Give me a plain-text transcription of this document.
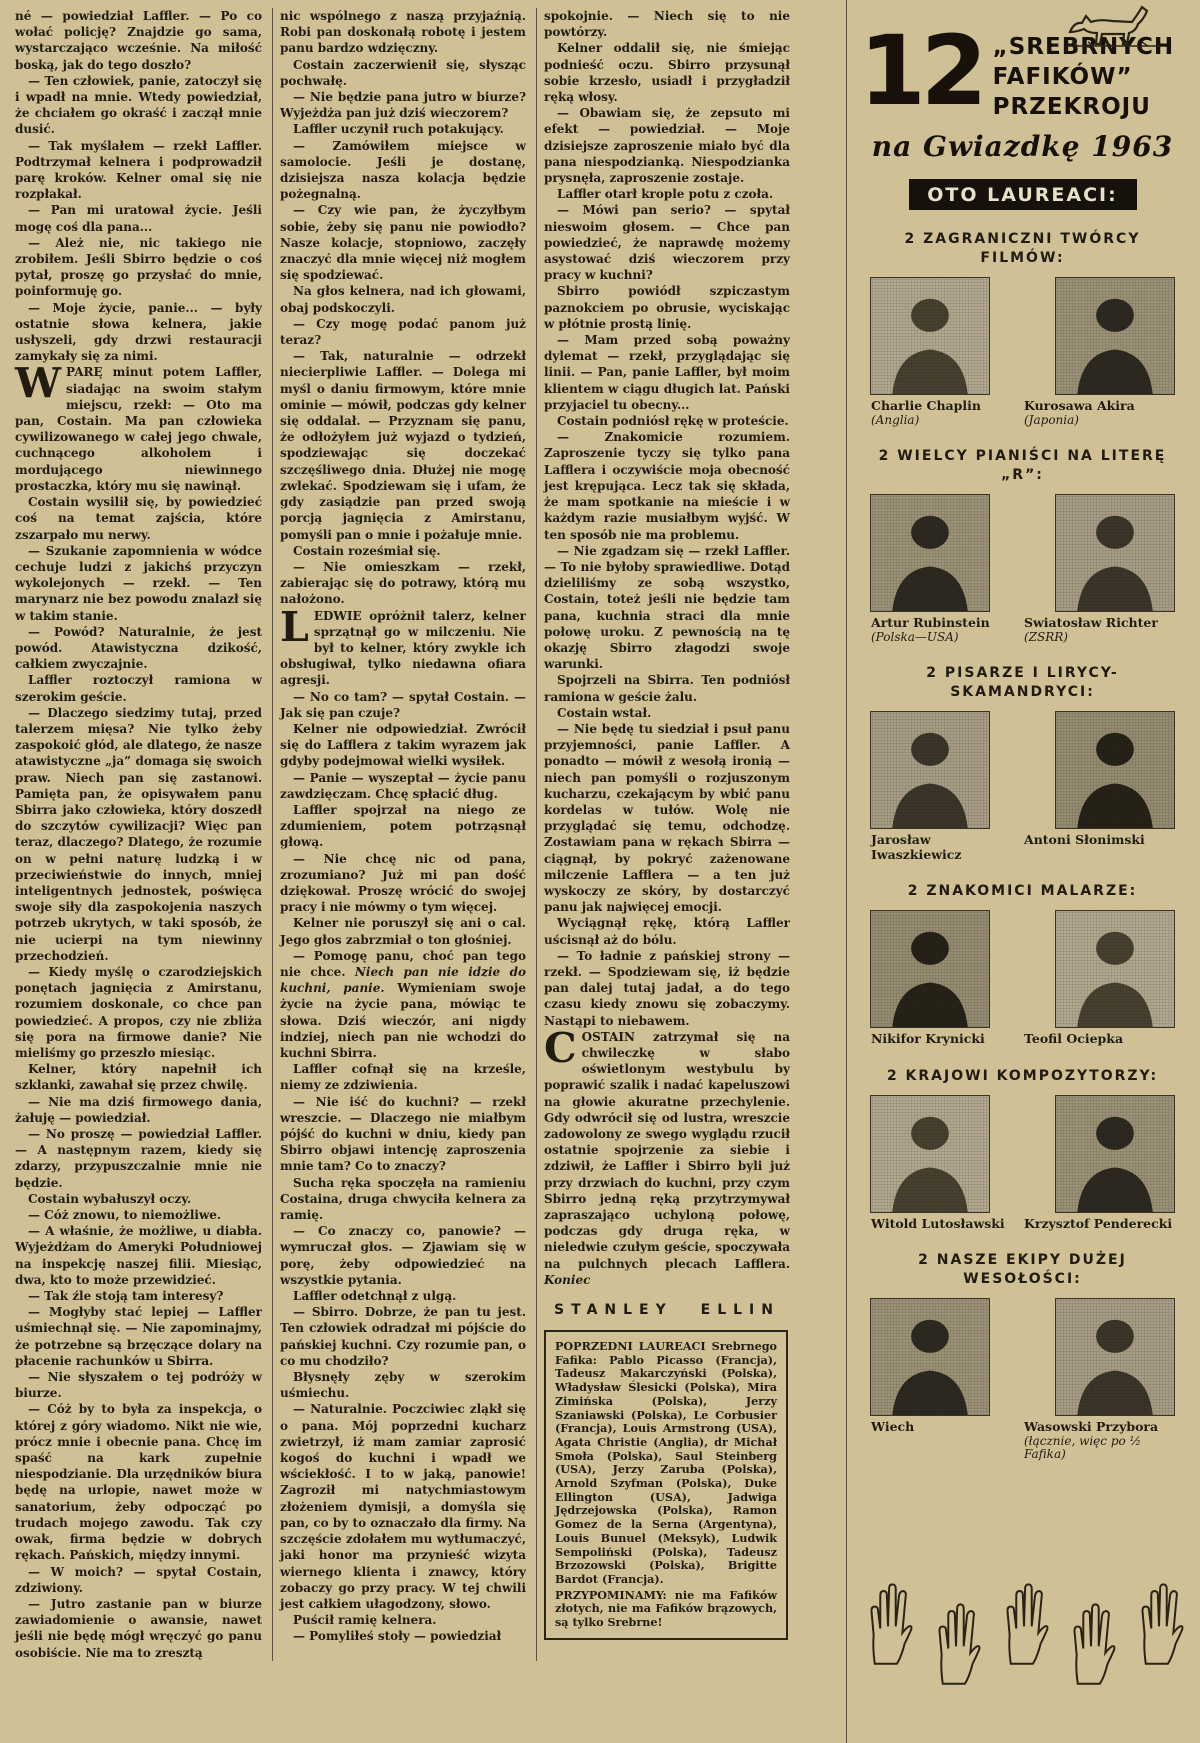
né — powiedział Laffler. — Po co wołać policję? Znajdzie go sama, wystarczająco wcześnie. Na miłość boską, jak do tego doszło?

— Ten człowiek, panie, zatoczył się i wpadł na mnie. Wtedy powiedział, że chciałem go okraść i zaczął mnie dusić.

— Tak myślałem — rzekł Laffler. Podtrzymał kelnera i podprowadził parę kroków. Kelner omal się nie rozpłakał.

— Pan mi uratował życie. Jeśli mogę coś dla pana...

— Ależ nie, nic takiego nie zrobiłem. Jeśli Sbirro będzie o coś pytał, proszę go przysłać do mnie, poinformuję go.

— Moje życie, panie... — były ostatnie słowa kelnera, jakie usłyszeli, gdy drzwi restauracji zamykały się za nimi.

W PARĘ minut potem Laffler, siadając na swoim stałym miejscu, rzekł: — Oto ma pan, Costain. Ma pan człowieka cywilizowanego w całej jego chwale, cuchnącego alkoholem i mordującego niewinnego prostaczka, który mu się nawinął.

Costain wysilił się, by powiedzieć coś na temat zajścia, które zszarpało mu nerwy.

— Szukanie zapomnienia w wódce cechuje ludzi z jakichś przyczyn wykolejonych — rzekł. — Ten marynarz nie bez powodu znalazł się w takim stanie.

— Powód? Naturalnie, że jest powód. Atawistyczna dzikość, całkiem zwyczajnie.

Laffler roztoczył ramiona w szerokim geście.

— Dlaczego siedzimy tutaj, przed talerzem mięsa? Nie tylko żeby zaspokoić głód, ale dlatego, że nasze atawistyczne „ja” domaga się swoich praw. Niech pan się zastanowi. Pamięta pan, że opisywałem panu Sbirra jako człowieka, który doszedł do szczytów cywilizacji? Więc pan teraz, dlaczego? Dlatego, że rozumie on w pełni naturę ludzką i w przeciwieństwie do innych, mniej inteligentnych jednostek, poświęca swoje siły dla zaspokojenia naszych potrzeb ukrytych, w taki sposób, że nie ucierpi na tym niewinny przechodzień.

— Kiedy myślę o czarodziejskich ponętach jagnięcia z Amirstanu, rozumiem doskonale, co chce pan powiedzieć. A propos, czy nie zbliża się pora na firmowe danie? Nie mieliśmy go przeszło miesiąc.

Kelner, który napełnił ich szklanki, zawahał się przez chwilę.

— Nie ma dziś firmowego dania, żałuję — powiedział.

— No proszę — powiedział Laffler. — A następnym razem, kiedy się zdarzy, przypuszczalnie mnie nie będzie.

Costain wybałuszył oczy.

— Cóż znowu, to niemożliwe.

— A właśnie, że możliwe, u diabła. Wyjeżdżam do Ameryki Południowej na inspekcję naszej filii. Miesiąc, dwa, kto to może przewidzieć.

— Tak źle stoją tam interesy?

— Mogłyby stać lepiej — Laffler uśmiechnął się. — Nie zapominajmy, że potrzebne są brzęczące dolary na płacenie rachunków u Sbirra.

— Nie słyszałem o tej podróży w biurze.

— Cóż by to była za inspekcja, o której z góry wiadomo. Nikt nie wie, prócz mnie i obecnie pana. Chcę im spaść na kark zupełnie niespodzianie. Dla urzędników biura będę na urlopie, nawet może w sanatorium, żeby odpocząć po trudach mojego zawodu. Tak czy owak, firma będzie w dobrych rękach. Pańskich, między innymi.

— W moich? — spytał Costain, zdziwiony.

— Jutro zastanie pan w biurze zawiadomienie o awansie, nawet jeśli nie będę mógł wręczyć go panu osobiście. Nie ma to zresztą

nic wspólnego z naszą przyjaźnią. Robi pan doskonałą robotę i jestem panu bardzo wdzięczny.

Costain zaczerwienił się, słysząc pochwałę.

— Nie będzie pana jutro w biurze? Wyjeżdża pan już dziś wieczorem?

Laffler uczynił ruch potakujący.

— Zamówiłem miejsce w samolocie. Jeśli je dostanę, dzisiejsza nasza kolacja będzie pożegnalną.

— Czy wie pan, że życzyłbym sobie, żeby się panu nie powiodło? Nasze kolacje, stopniowo, zaczęły znaczyć dla mnie więcej niż mogłem się spodziewać.

Na głos kelnera, nad ich głowami, obaj podskoczyli.

— Czy mogę podać panom już teraz?

— Tak, naturalnie — odrzekł niecierpliwie Laffler. — Dolega mi myśl o daniu firmowym, które mnie ominie — mówił, podczas gdy kelner się oddalał. — Przyznam się panu, że odłożyłem już wyjazd o tydzień, spodziewając się doczekać szczęśliwego dnia. Dłużej nie mogę zwlekać. Spodziewam się i ufam, że gdy zasiądzie pan przed swoją porcją jagnięcia z Amirstanu, pomyśli pan o mnie i pożałuje mnie.

Costain roześmiał się.

— Nie omieszkam — rzekł, zabierając się do potrawy, którą mu nałożono.

LEDWIE opróżnił talerz, kelner sprzątnął go w milczeniu. Nie był to kelner, który zwykle ich obsługiwał, tylko niedawna ofiara agresji.

— No co tam? — spytał Costain. — Jak się pan czuje?

Kelner nie odpowiedział. Zwrócił się do Lafflera z takim wyrazem jak gdyby podejmował wielki wysiłek.

— Panie — wyszeptał — życie panu zawdzięczam. Chcę spłacić dług.

Laffler spojrzał na niego ze zdumieniem, potem potrząsnął głową.

— Nie chcę nic od pana, zrozumiano? Już mi pan dość dziękował. Proszę wrócić do swojej pracy i nie mówmy o tym więcej.

Kelner nie poruszył się ani o cal. Jego głos zabrzmiał o ton głośniej.

— Pomogę panu, choć pan tego nie chce. Niech pan nie idzie do kuchni, panie. Wymieniam swoje życie na życie pana, mówiąc te słowa. Dziś wieczór, ani nigdy indziej, niech pan nie wchodzi do kuchni Sbirra.

Laffler cofnął się na krześle, niemy ze zdziwienia.

— Nie iść do kuchni? — rzekł wreszcie. — Dlaczego nie miałbym pójść do kuchni w dniu, kiedy pan Sbirro objawi intencję zaproszenia mnie tam? Co to znaczy?

Sucha ręka spoczęła na ramieniu Costaina, druga chwyciła kelnera za ramię.

— Co znaczy co, panowie? — wymruczał głos. — Zjawiam się w porę, żeby odpowiedzieć na wszystkie pytania.

Laffler odetchnął z ulgą.

— Sbirro. Dobrze, że pan tu jest. Ten człowiek odradzał mi pójście do pańskiej kuchni. Czy rozumie pan, o co mu chodziło?

Błysnęły zęby w szerokim uśmiechu.

— Naturalnie. Poczciwiec zląkł się o pana. Mój poprzedni kucharz zwietrzył, iż mam zamiar zaprosić kogoś do kuchni i wpadł we wściekłość. I to w jaką, panowie! Zagroził mi natychmiastowym złożeniem dymisji, a domyśla się pan, co by to oznaczało dla firmy. Na szczęście zdołałem mu wytłumaczyć, jaki honor ma przynieść wizyta wiernego klienta i znawcy, który zobaczy go przy pracy. W tej chwili jest całkiem ułagodzony, słowo.

Puścił ramię kelnera.

— Pomyliłeś stoły — powiedział

spokojnie. — Niech się to nie powtórzy.

Kelner oddalił się, nie śmiejąc podnieść oczu. Sbirro przysunął sobie krzesło, usiadł i przygładził ręką włosy.

— Obawiam się, że zepsuto mi efekt — powiedział. — Moje dzisiejsze zaproszenie miało być dla pana niespodzianką. Niespodzianka prysnęła, zaproszenie zostaje.

Laffler otarł krople potu z czoła.

— Mówi pan serio? — spytał nieswoim głosem. — Chce pan powiedzieć, że naprawdę możemy asystować dziś wieczorem przy pracy w kuchni?

Sbirro powiódł szpiczastym paznokciem po obrusie, wyciskając w płótnie prostą linię.

— Mam przed sobą poważny dylemat — rzekł, przyglądając się linii. — Pan, panie Laffler, był moim klientem w ciągu długich lat. Pański przyjaciel tu obecny...

Costain podniósł rękę w proteście.

— Znakomicie rozumiem. Zaproszenie tyczy się tylko pana Lafflera i oczywiście moja obecność jest krępująca. Lecz tak się składa, że mam spotkanie na mieście i w każdym razie musiałbym wyjść. W ten sposób nie ma problemu.

— Nie zgadzam się — rzekł Laffler. — To nie byłoby sprawiedliwe. Dotąd dzieliliśmy ze sobą wszystko, Costain, toteż jeśli nie będzie tam pana, kuchnia straci dla mnie połowę uroku. Z pewnością na tę okazję Sbirro złagodzi swoje warunki.

Spojrzeli na Sbirra. Ten podniósł ramiona w geście żalu.

Costain wstał.

— Nie będę tu siedział i psuł panu przyjemności, panie Laffler. A ponadto — mówił z wesołą ironią — niech pan pomyśli o rozjuszonym kucharzu, czekającym by wbić panu kordelas w tułów. Wolę nie przyglądać się temu, odchodzę. Zostawiam pana w rękach Sbirra — ciągnął, by pokryć zażenowane milczenie Lafflera — a ten już wyskoczy ze skóry, by dostarczyć panu jak najwięcej emocji.

Wyciągnął rękę, którą Laffler uścisnął aż do bólu.

— To ładnie z pańskiej strony — rzekł. — Spodziewam się, iż będzie pan dalej tutaj jadał, a do tego czasu kiedy znowu się zobaczymy. Nastąpi to niebawem.

COSTAIN zatrzymał się na chwileczkę w słabo oświetlonym westybulu by poprawić szalik i nadać kapeluszowi na głowie akuratne przechylenie. Gdy odwrócił się od lustra, wreszcie zadowolony ze swego wyglądu rzucił ostatnie spojrzenie za siebie i zdziwił, że Laffler i Sbirro byli już przy drzwiach do kuchni, przy czym Sbirro jedną ręką przytrzymywał zapraszająco uchyloną połowę, podczas gdy druga ręka, w nieledwie czułym geście, spoczywała na pulchnych plecach Lafflera. Koniec

STANLEY ELLIN

POPRZEDNI LAUREACI Srebrnego Fafika: Pablo Picasso (Francja), Tadeusz Makarczyński (Polska), Władysław Ślesicki (Polska), Mira Zimińska (Polska), Jerzy Szaniawski (Polska), Le Corbusier (Francja), Louis Armstrong (USA), Agata Christie (Anglia), dr Michał Smoła (Polska), Saul Steinberg (USA), Jerzy Zaruba (Polska), Arnold Szyfman (Polska), Duke Ellington (USA), Jadwiga Jędrzejowska (Polska), Ramon Gomez de la Serna (Argentyna), Louis Bunuel (Meksyk), Ludwik Sempoliński (Polska), Tadeusz Brzozowski (Polska), Brigitte Bardot (Francja).

PRZYPOMINAMY: nie ma Fafików złotych, nie ma Fafików brązowych, są tylko Srebrne!

12 „SREBRNYCH
FAFIKÓW”
PRZEKROJU
na Gwiazdkę 1963
OTO LAUREACI:
2 ZAGRANICZNI TWÓRCY FILMÓW:
Charlie Chaplin
(Anglia)
Kurosawa Akira
(Japonia)
2 WIELCY PIANIŚCI NA LITERĘ „R”:
Artur Rubinstein
(Polska—USA)
Swiatosław Richter
(ZSRR)
2 PISARZE I LIRYCY-SKAMANDRYCI:
Jarosław Iwaszkiewicz
Antoni Słonimski
2 ZNAKOMICI MALARZE:
Nikifor Krynicki	Teofil Ociepka
2 KRAJOWI KOMPOZYTORZY:
Witold Lutosławski	Krzysztof Penderecki
2 NASZE EKIPY DUŻEJ WESOŁOŚCI:
Wiech	Wasowski Przybora
(łącznie, więc po ½ Fafika)
